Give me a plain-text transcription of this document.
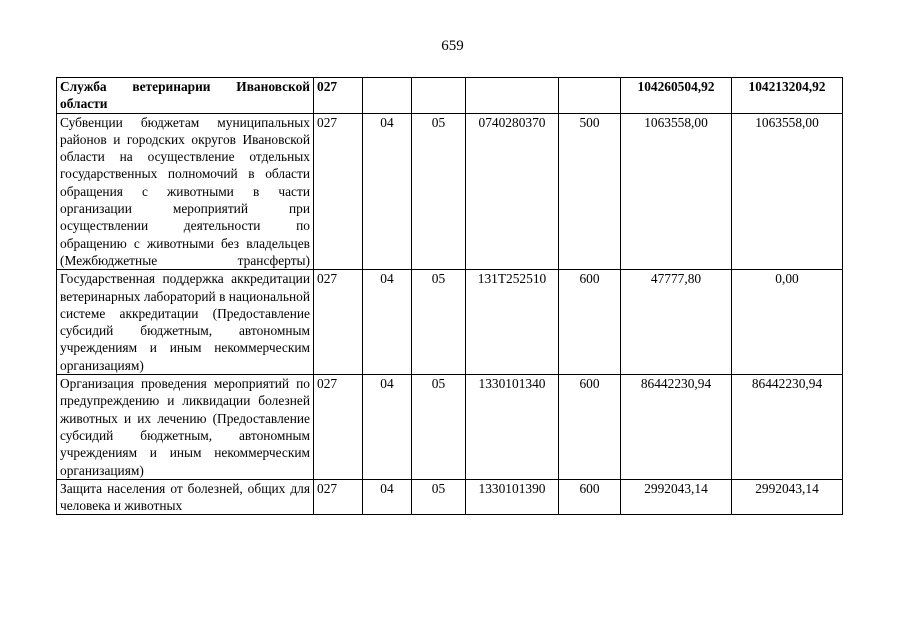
659
Служба ветеринарии Ивановской области	027					104260504,92	104213204,92
Субвенции бюджетам муниципальных районов и городских округов Ивановской области на осуществление отдельных государственных полномочий в области обращения с животными в части организации мероприятий при осуществлении деятельности по обращению с животными без владельцев (Межбюджетные трансферты)	027	04	05	0740280370	500	1063558,00	1063558,00
Государственная поддержка аккредитации ветеринарных лабораторий в национальной системе аккредитации (Предоставление субсидий бюджетным, автономным учреждениям и иным некоммерческим организациям)	027	04	05	131Т252510	600	47777,80	0,00
Организация проведения мероприятий по предупреждению и ликвидации болезней животных и их лечению (Предоставление субсидий бюджетным, автономным учреждениям и иным некоммерческим организациям)	027	04	05	1330101340	600	86442230,94	86442230,94
Защита населения от болезней, общих для человека и животных	027	04	05	1330101390	600	2992043,14	2992043,14
